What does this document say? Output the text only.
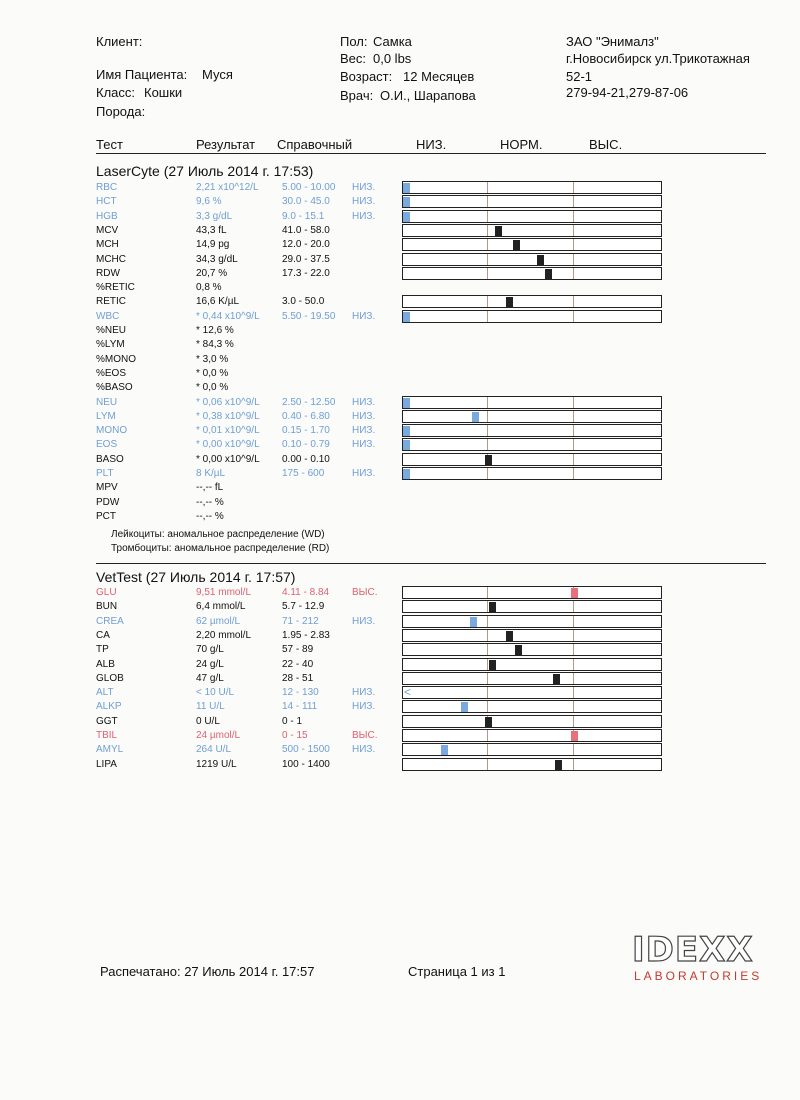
Клиент:
Имя Пациента: Муся
Класс: Кошки
Порода:
Пол: Самка
Вес: 0,0 lbs
Возраст: 12 Месяцев
Врач: О.И., Шарапова
ЗАО "Энималз"
г.Новосибирск ул.Трикотажная
52-1
279-94-21,279-87-06
Тест	Результат Справочный	НИЗ.	НОРМ.	ВЫС.
LaserCyte (27 Июль 2014 г. 17:53)
RBC	2,21 x10^12/L 5.00 - 10.00 НИЗ.
HCT	9,6 %	30.0 - 45.0 НИЗ.
HGB	3,3 g/dL	9.0 - 15.1	НИЗ.
MCV	43,3 fL	41.0 - 58.0
MCH	14,9 pg	12.0 - 20.0
MCHC	34,3 g/dL	29.0 - 37.5
RDW	20,7 %	17.3 - 22.0
%RETIC	0,8 %
RETIC	16,6 K/µL	3.0 - 50.0
WBC	* 0,44 x10^9/L 5.50 - 19.50 НИЗ.
%NEU	* 12,6 %
%LYM	* 84,3 %
%MONO	* 3,0 %
%EOS	* 0,0 %
%BASO	* 0,0 %
NEU	* 0,06 x10^9/L 2.50 - 12.50 НИЗ.
LYM	* 0,38 x10^9/L 0.40 - 6.80 НИЗ.
MONO	* 0,01 x10^9/L 0.15 - 1.70 НИЗ.
EOS	* 0,00 x10^9/L 0.10 - 0.79 НИЗ.
BASO	* 0,00 x10^9/L 0.00 - 0.10
PLT	8 K/µL	175 - 600	НИЗ.
MPV	--,-- fL
PDW	--,-- %
PCT	--,-- %
Лейкоциты: аномальное распределение (WD)
Тромбоциты: аномальное распределение (RD)
VetTest (27 Июль 2014 г. 17:57)
GLU	9,51 mmol/L	4.11 - 8.84 ВЫС.
BUN	6,4 mmol/L	5.7 - 12.9
CREA	62 µmol/L	71 - 212	НИЗ.
CA	2,20 mmol/L	1.95 - 2.83
TP	70 g/L	57 - 89
ALB	24 g/L	22 - 40
GLOB	47 g/L	28 - 51
ALT	< 10 U/L	12 - 130	НИЗ. <
ALKP	11 U/L	14 - 111	НИЗ.
GGT	0 U/L	0 - 1
TBIL	24 µmol/L	0 - 15	ВЫС.
AMYL	264 U/L	500 - 1500 НИЗ.
LIPA	1219 U/L	100 - 1400
Распечатано: 27 Июль 2014 г. 17:57	Страница 1 из 1
IDEXX
LABORATORIES
